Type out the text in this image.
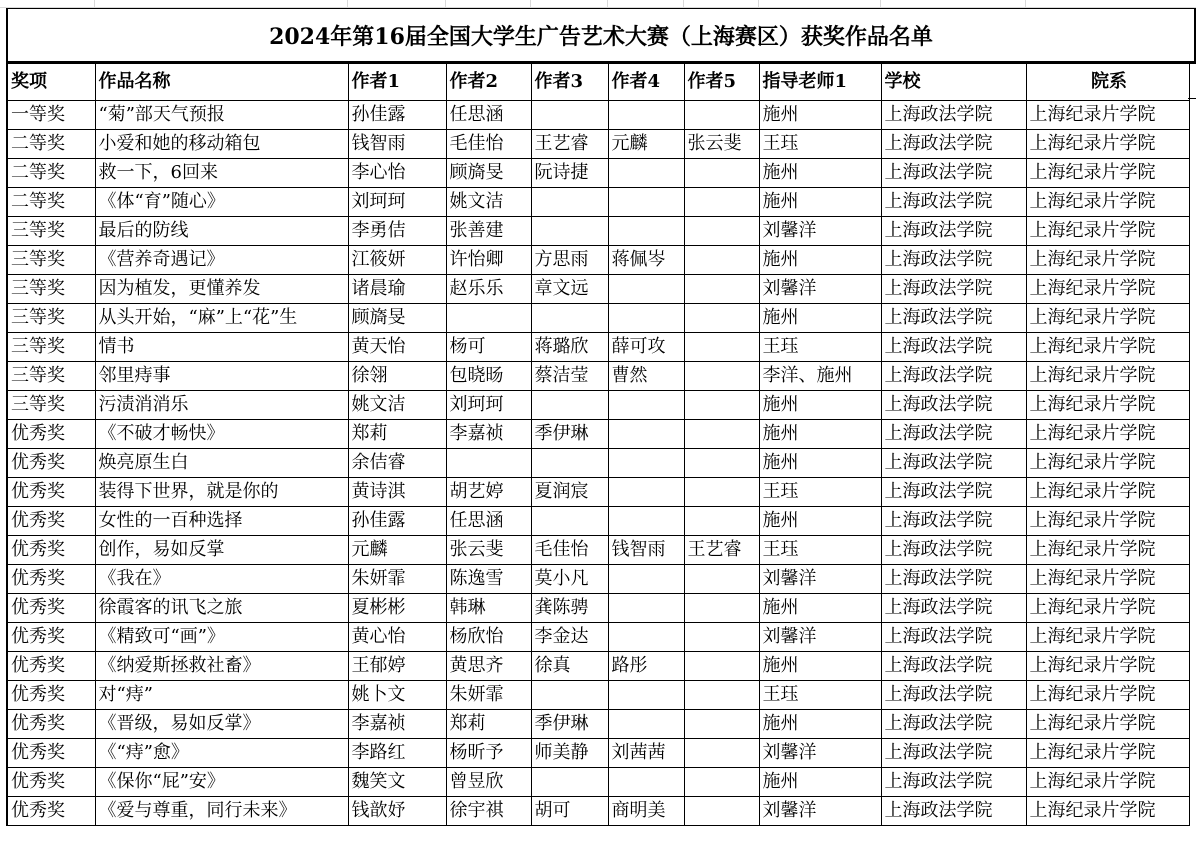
2024年第16届全国大学生广告艺术大赛（上海赛区）获奖作品名单
奖项	作品名称	作者1	作者2	作者3	作者4	作者5	指导老师1	学校	院系
一等奖	“菊”部天气预报	孙佳露	任思涵				施州	上海政法学院	上海纪录片学院
二等奖	小爱和她的移动箱包	钱智雨	毛佳怡	王艺睿	元麟	张云斐	王珏	上海政法学院	上海纪录片学院
二等奖	救一下，6回来	李心怡	顾旖旻	阮诗捷			施州	上海政法学院	上海纪录片学院
二等奖	《体“育”随心》	刘珂珂	姚文洁				施州	上海政法学院	上海纪录片学院
三等奖	最后的防线	李勇佶	张善建				刘馨洋	上海政法学院	上海纪录片学院
三等奖	《营养奇遇记》	江筱妍	许怡卿	方思雨	蒋佩岑		施州	上海政法学院	上海纪录片学院
三等奖	因为植发，更懂养发	诸晨瑜	赵乐乐	章文远			刘馨洋	上海政法学院	上海纪录片学院
三等奖	从头开始，“麻”上“花”生	顾旖旻					施州	上海政法学院	上海纪录片学院
三等奖	情书	黄天怡	杨可	蒋璐欣	薛可攻		王珏	上海政法学院	上海纪录片学院
三等奖	邻里痔事	徐翎	包晓旸	蔡洁莹	曹然		李洋、施州	上海政法学院	上海纪录片学院
三等奖	污渍消消乐	姚文洁	刘珂珂				施州	上海政法学院	上海纪录片学院
优秀奖	《不破才畅快》	郑莉	李嘉祯	季伊琳			施州	上海政法学院	上海纪录片学院
优秀奖	焕亮原生白	余佶睿					施州	上海政法学院	上海纪录片学院
优秀奖	装得下世界，就是你的	黄诗淇	胡艺婷	夏润宸			王珏	上海政法学院	上海纪录片学院
优秀奖	女性的一百种选择	孙佳露	任思涵				施州	上海政法学院	上海纪录片学院
优秀奖	创作，易如反掌	元麟	张云斐	毛佳怡	钱智雨	王艺睿	王珏	上海政法学院	上海纪录片学院
优秀奖	《我在》	朱妍霏	陈逸雪	莫小凡			刘馨洋	上海政法学院	上海纪录片学院
优秀奖	徐霞客的讯飞之旅	夏彬彬	韩琳	龚陈骋			施州	上海政法学院	上海纪录片学院
优秀奖	《精致可“画”》	黄心怡	杨欣怡	李金达			刘馨洋	上海政法学院	上海纪录片学院
优秀奖	《纳爱斯拯救社畜》	王郁婷	黄思齐	徐真	路彤		施州	上海政法学院	上海纪录片学院
优秀奖	对“痔”	姚卜文	朱妍霏				王珏	上海政法学院	上海纪录片学院
优秀奖	《晋级，易如反掌》	李嘉祯	郑莉	季伊琳			施州	上海政法学院	上海纪录片学院
优秀奖	《“痔”愈》	李路红	杨昕予	师美静	刘茜茜		刘馨洋	上海政法学院	上海纪录片学院
优秀奖	《保你“屁”安》	魏笑文	曾昱欣				施州	上海政法学院	上海纪录片学院
优秀奖	《爱与尊重，同行未来》	钱歆妤	徐宇祺	胡可	商明美		刘馨洋	上海政法学院	上海纪录片学院
